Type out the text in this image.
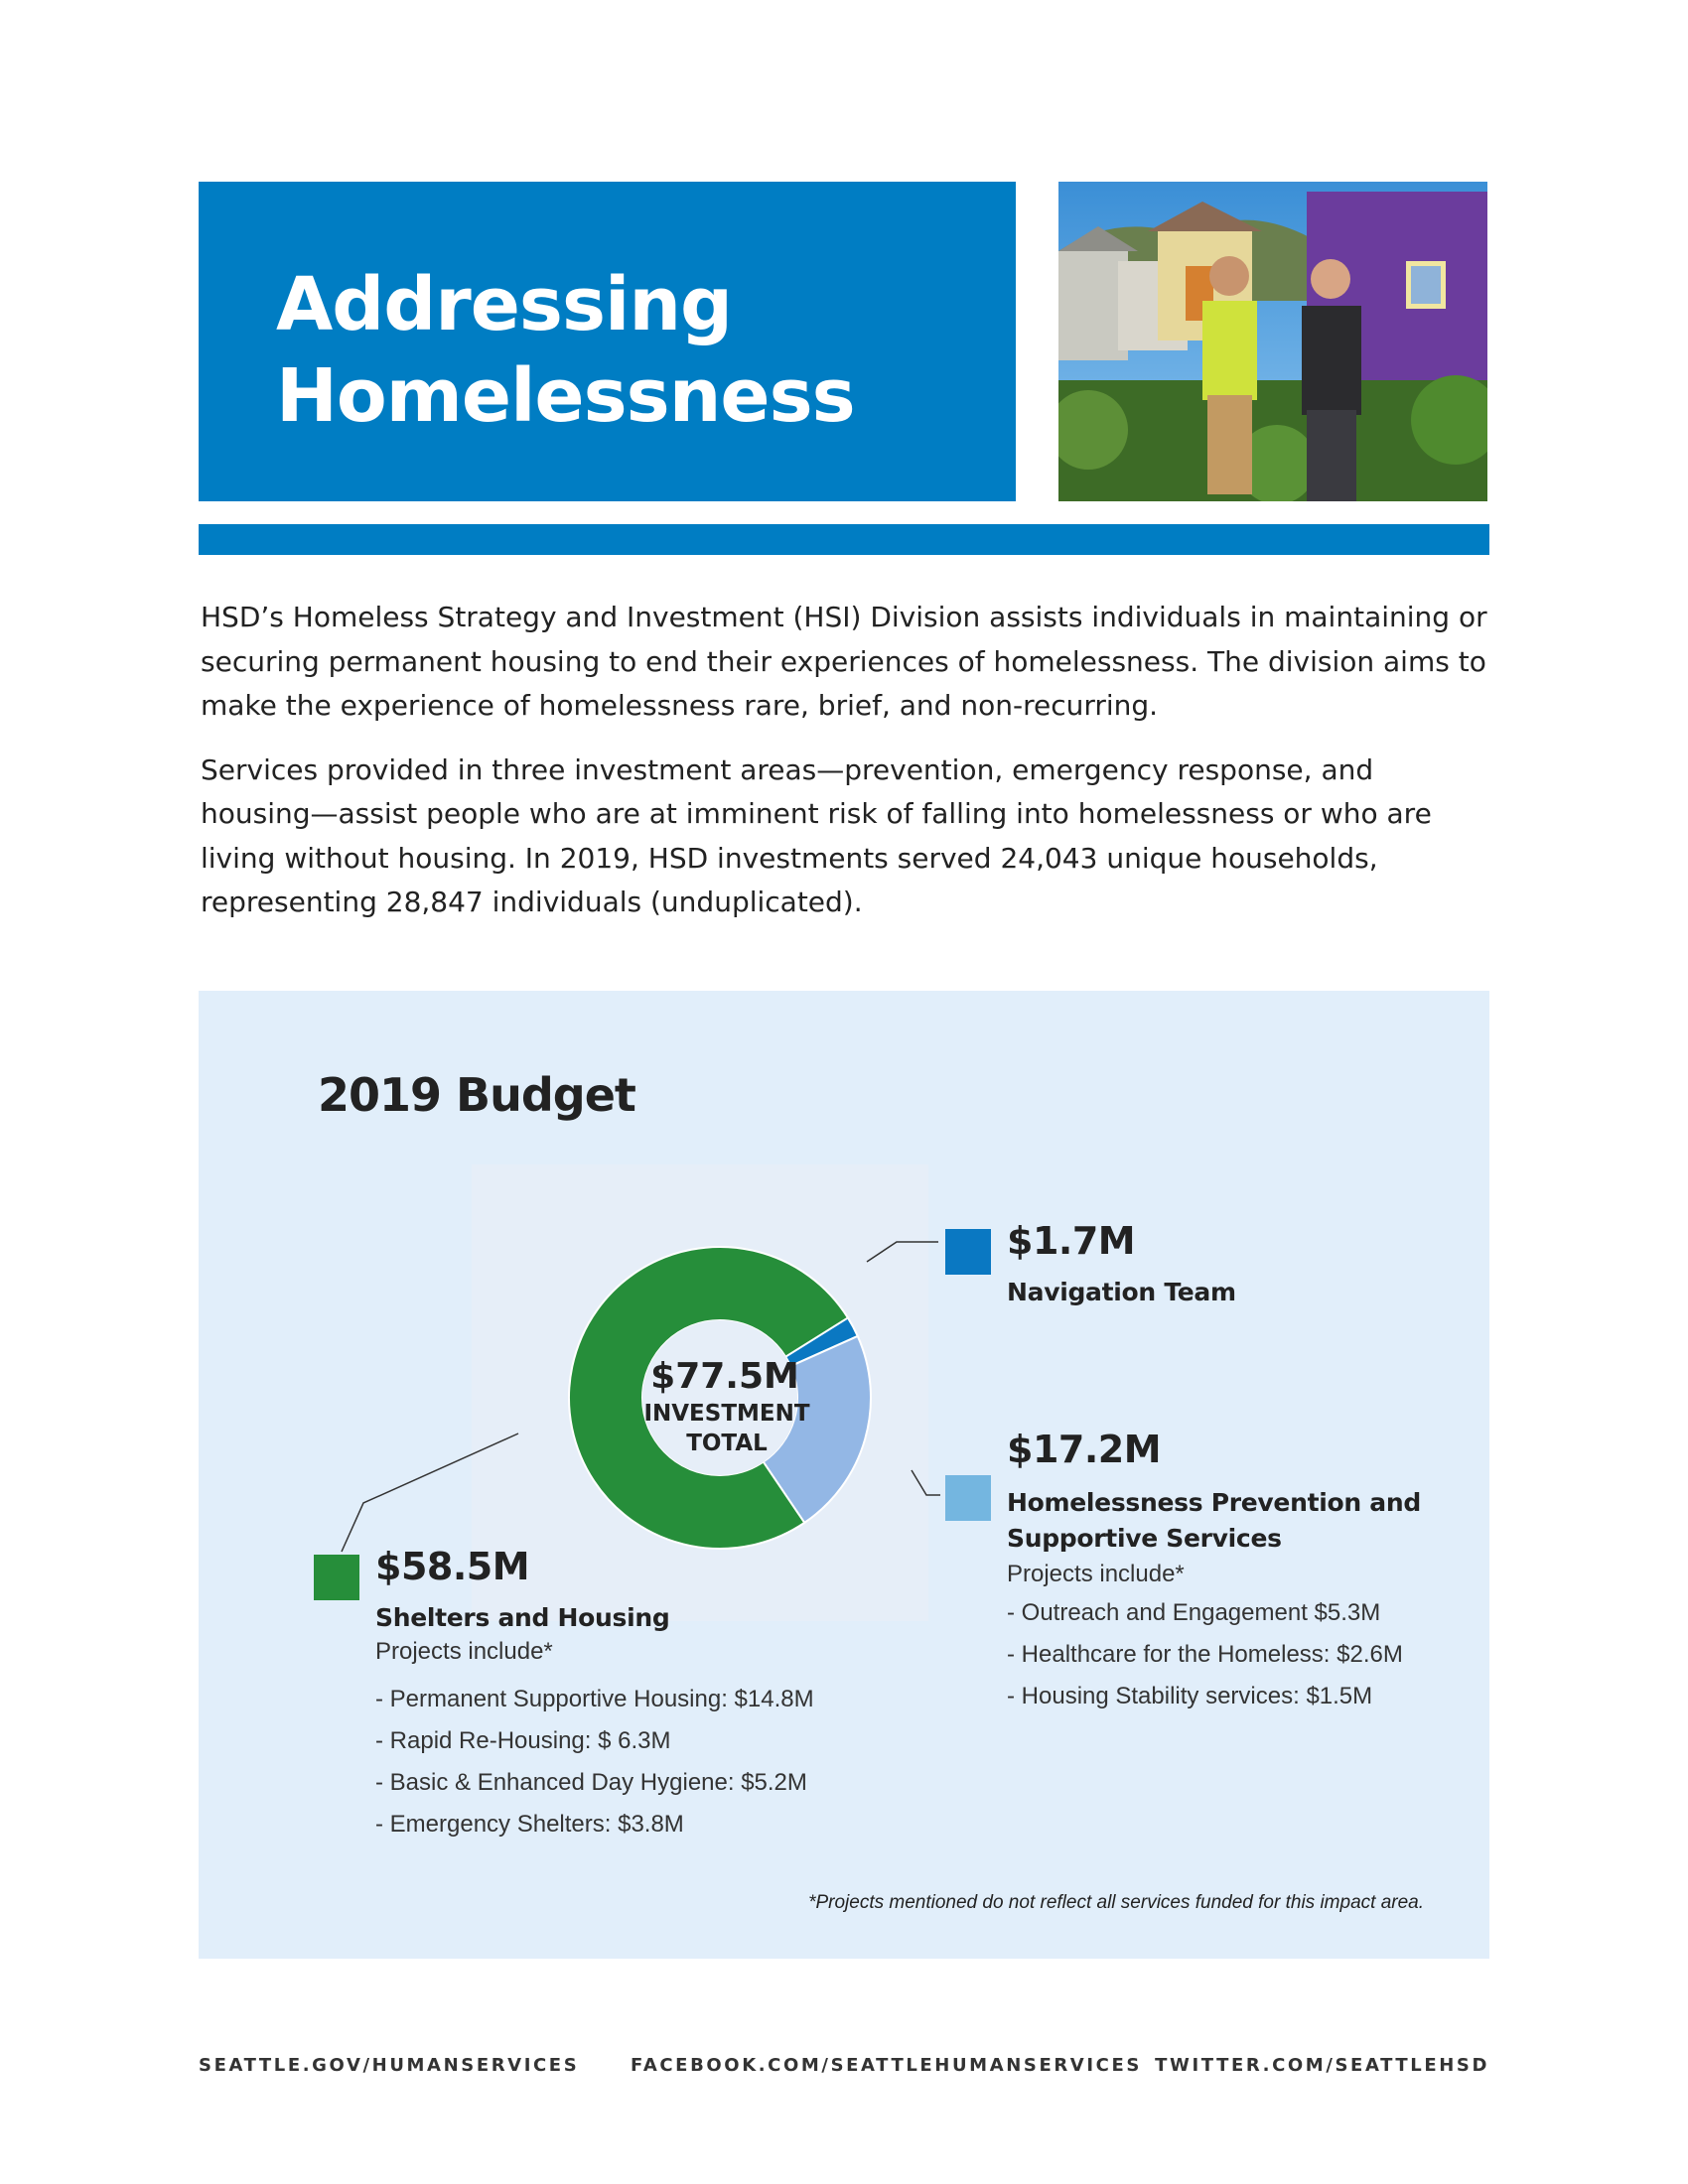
Addressing
Homelessness

HSD’s Homeless Strategy and Investment (HSI) Division assists individuals in maintaining or securing permanent housing to end their experiences of homelessness. The division aims to make the experience of homelessness rare, brief, and non-recurring.

Services provided in three investment areas—prevention, emergency response, and housing—assist people who are at imminent risk of falling into homelessness or who are living without housing. In 2019, HSD investments served 24,043 unique households, representing 28,847 individuals (unduplicated).

2019 Budget
$77.5M
INVESTMENT
TOTAL
$1.7M
Navigation Team
$17.2M
Homelessness Prevention and
Supportive Services
Projects include*
- Outreach and Engagement $5.3M
- Healthcare for the Homeless: $2.6M
- Housing Stability services: $1.5M
$58.5M
Shelters and Housing
Projects include*
- Permanent Supportive Housing: $14.8M
- Rapid Re-Housing: $ 6.3M
- Basic & Enhanced Day Hygiene: $5.2M
- Emergency Shelters: $3.8M
*Projects mentioned do not reflect all services funded for this impact area.
SEATTLE.GOV/HUMANSERVICES	FACEBOOK.COM/SEATTLEHUMANSERVICES TWITTER.COM/SEATTLEHSD
